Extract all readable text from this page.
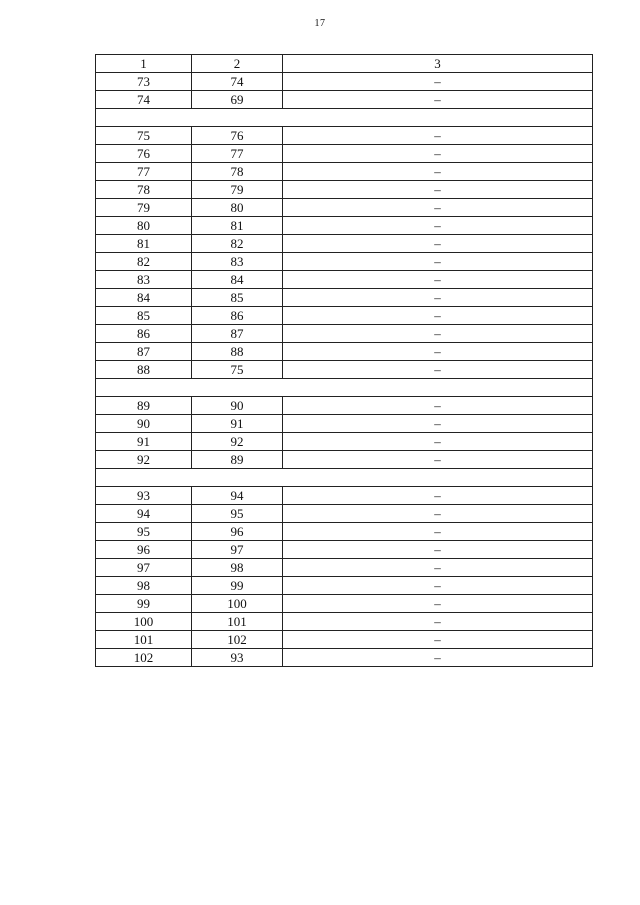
17
1	2	3
73	74	–
74	69	–

75	76	–
76	77	–
77	78	–
78	79	–
79	80	–
80	81	–
81	82	–
82	83	–
83	84	–
84	85	–
85	86	–
86	87	–
87	88	–
88	75	–

89	90	–
90	91	–
91	92	–
92	89	–

93	94	–
94	95	–
95	96	–
96	97	–
97	98	–
98	99	–
99	100	–
100	101	–
101	102	–
102	93	–
